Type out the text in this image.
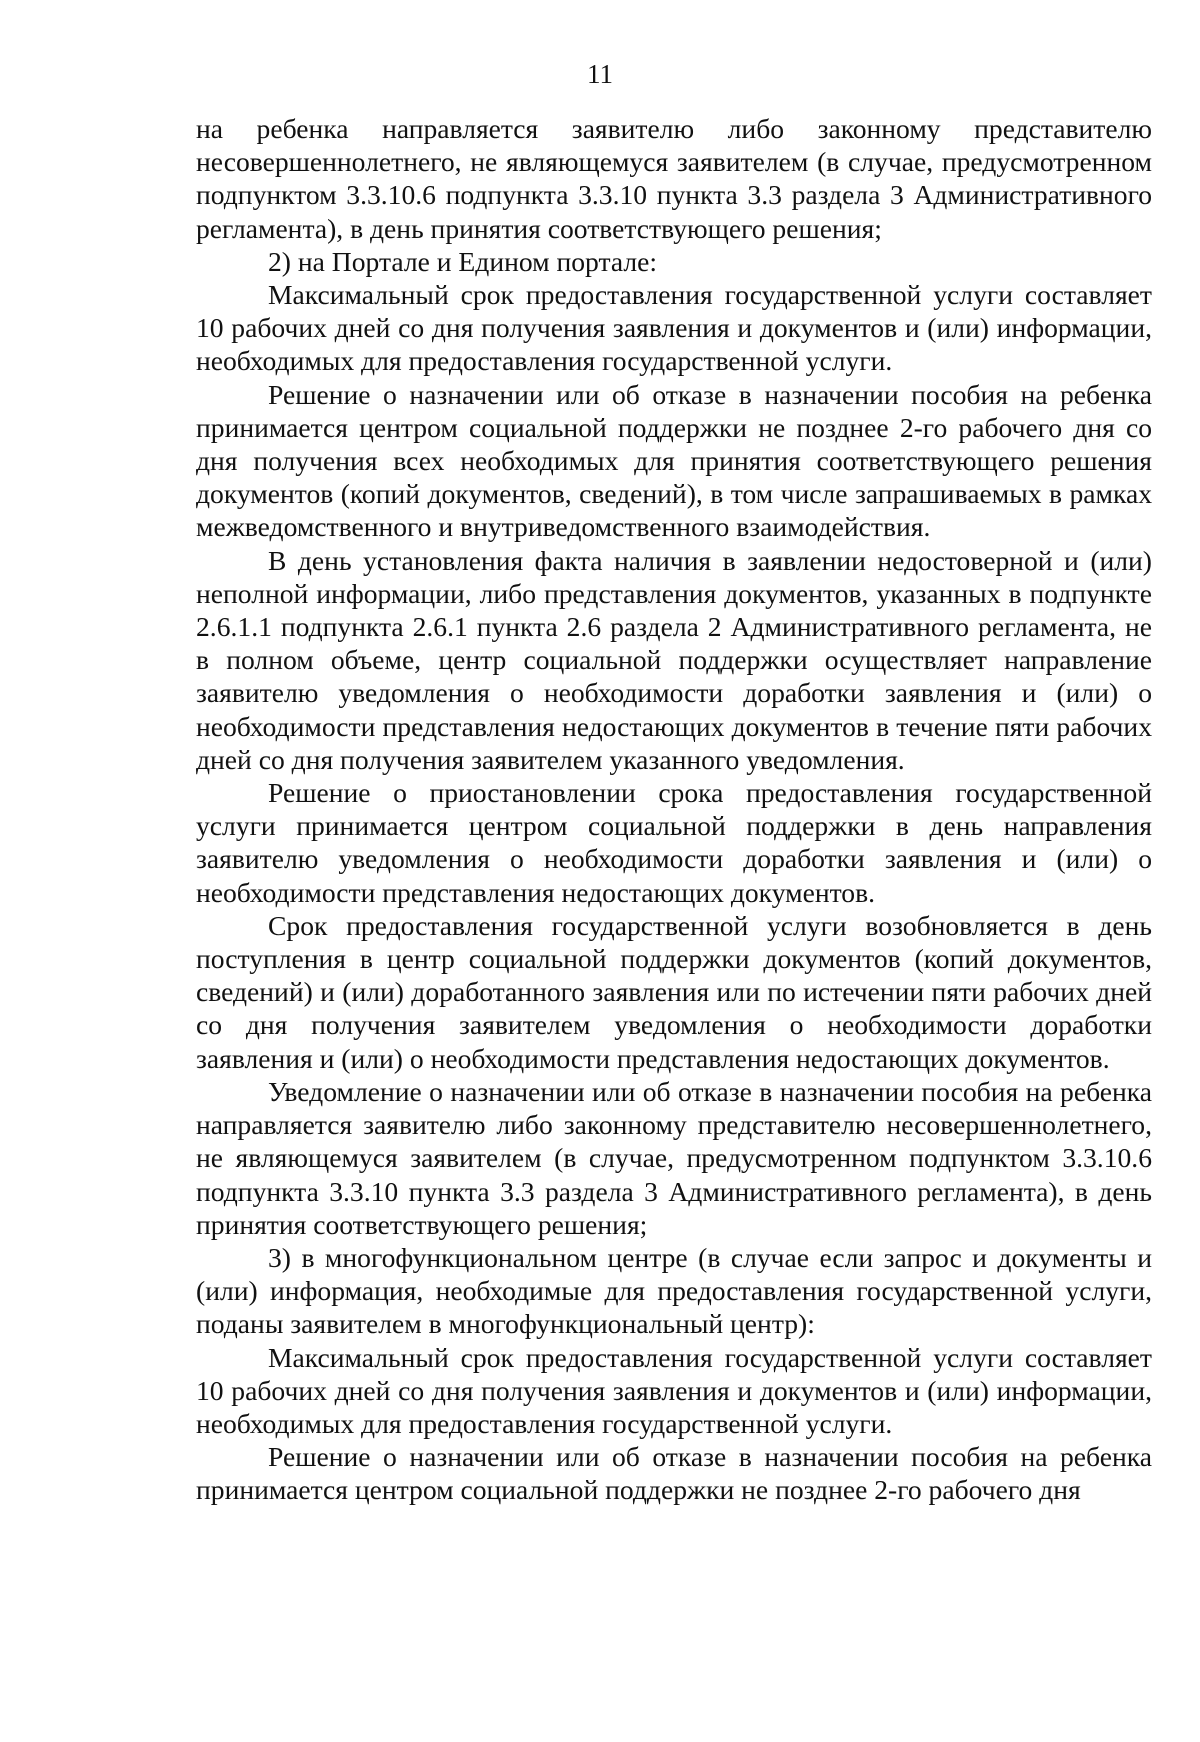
11

на ребенка направляется заявителю либо законному представителю несовершеннолетнего, не являющемуся заявителем (в случае, предусмотренном подпунктом 3.3.10.6 подпункта 3.3.10 пункта 3.3 раздела 3 Административного регламента), в день принятия соответствующего решения;

2) на Портале и Едином портале:

Максимальный срок предоставления государственной услуги составляет 10 рабочих дней со дня получения заявления и документов и (или) информации, необходимых для предоставления государственной услуги.

Решение о назначении или об отказе в назначении пособия на ребенка принимается центром социальной поддержки не позднее 2-го рабочего дня со дня получения всех необходимых для принятия соответствующего решения документов (копий документов, сведений), в том числе запрашиваемых в рамках межведомственного и внутриведомственного взаимодействия.

В день установления факта наличия в заявлении недостоверной и (или) неполной информации, либо представления документов, указанных в подпункте 2.6.1.1 подпункта 2.6.1 пункта 2.6 раздела 2 Административного регламента, не в полном объеме, центр социальной поддержки осуществляет направление заявителю уведомления о необходимости доработки заявления и (или) о необходимости представления недостающих документов в течение пяти рабочих дней со дня получения заявителем указанного уведомления.

Решение о приостановлении срока предоставления государственной услуги принимается центром социальной поддержки в день направления заявителю уведомления о необходимости доработки заявления и (или) о необходимости представления недостающих документов.

Срок предоставления государственной услуги возобновляется в день поступления в центр социальной поддержки документов (копий документов, сведений) и (или) доработанного заявления или по истечении пяти рабочих дней со дня получения заявителем уведомления о необходимости доработки заявления и (или) о необходимости представления недостающих документов.

Уведомление о назначении или об отказе в назначении пособия на ребенка направляется заявителю либо законному представителю несовершеннолетнего, не являющемуся заявителем (в случае, предусмотренном подпунктом 3.3.10.6 подпункта 3.3.10 пункта 3.3 раздела 3 Административного регламента), в день принятия соответствующего решения;

3) в многофункциональном центре (в случае если запрос и документы и (или) информация, необходимые для предоставления государственной услуги, поданы заявителем в многофункциональный центр):

Максимальный срок предоставления государственной услуги составляет 10 рабочих дней со дня получения заявления и документов и (или) информации, необходимых для предоставления государственной услуги.

Решение о назначении или об отказе в назначении пособия на ребенка принимается центром социальной поддержки не позднее 2-го рабочего дня
